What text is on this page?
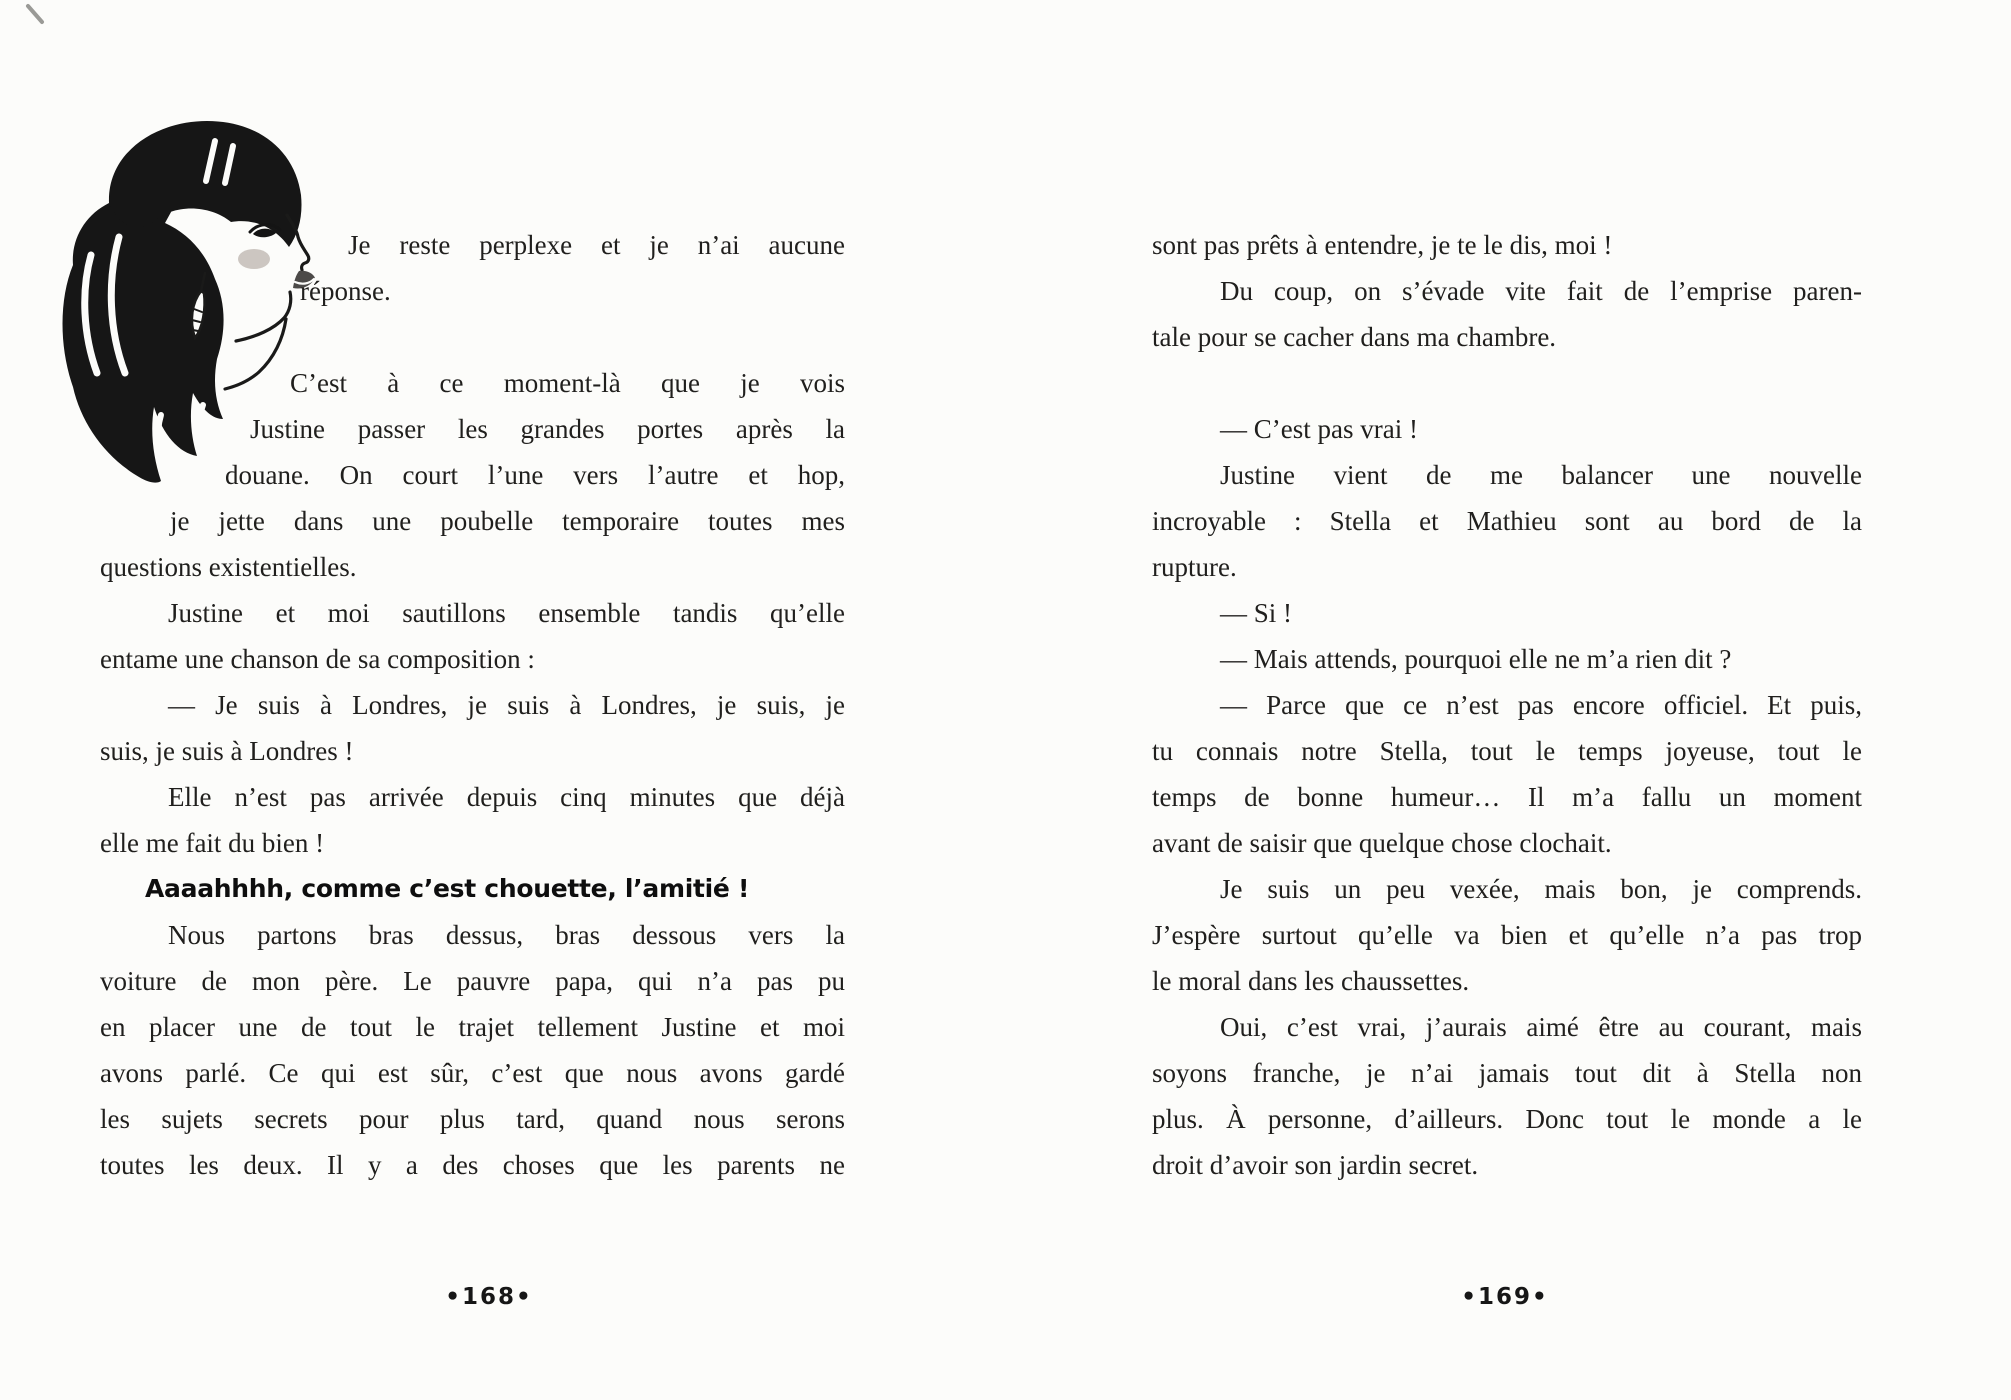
Je reste perplexe et je n’ai aucune
réponse.
C’est à ce moment-là que je vois
Justine passer les grandes portes après la
douane. On court l’une vers l’autre et hop,
je jette dans une poubelle temporaire toutes mes
questions existentielles.
Justine et moi sautillons ensemble tandis qu’elle
entame une chanson de sa composition :
— Je suis à Londres, je suis à Londres, je suis, je
suis, je suis à Londres !
Elle n’est pas arrivée depuis cinq minutes que déjà
elle me fait du bien !
Aaaahhhh, comme c’est chouette, l’amitié !
Nous partons bras dessus, bras dessous vers la
voiture de mon père. Le pauvre papa, qui n’a pas pu
en placer une de tout le trajet tellement Justine et moi
avons parlé. Ce qui est sûr, c’est que nous avons gardé
les sujets secrets pour plus tard, quand nous serons
toutes les deux. Il y a des choses que les parents ne
sont pas prêts à entendre, je te le dis, moi !
Du coup, on s’évade vite fait de l’emprise paren-
tale pour se cacher dans ma chambre.
— C’est pas vrai !
Justine vient de me balancer une nouvelle
incroyable : Stella et Mathieu sont au bord de la
rupture.
— Si !
— Mais attends, pourquoi elle ne m’a rien dit ?
— Parce que ce n’est pas encore officiel. Et puis,
tu connais notre Stella, tout le temps joyeuse, tout le
temps de bonne humeur… Il m’a fallu un moment
avant de saisir que quelque chose clochait.
Je suis un peu vexée, mais bon, je comprends.
J’espère surtout qu’elle va bien et qu’elle n’a pas trop
le moral dans les chaussettes.
Oui, c’est vrai, j’aurais aimé être au courant, mais
soyons franche, je n’ai jamais tout dit à Stella non
plus. À personne, d’ailleurs. Donc tout le monde a le
droit d’avoir son jardin secret.
•168•	•169•
